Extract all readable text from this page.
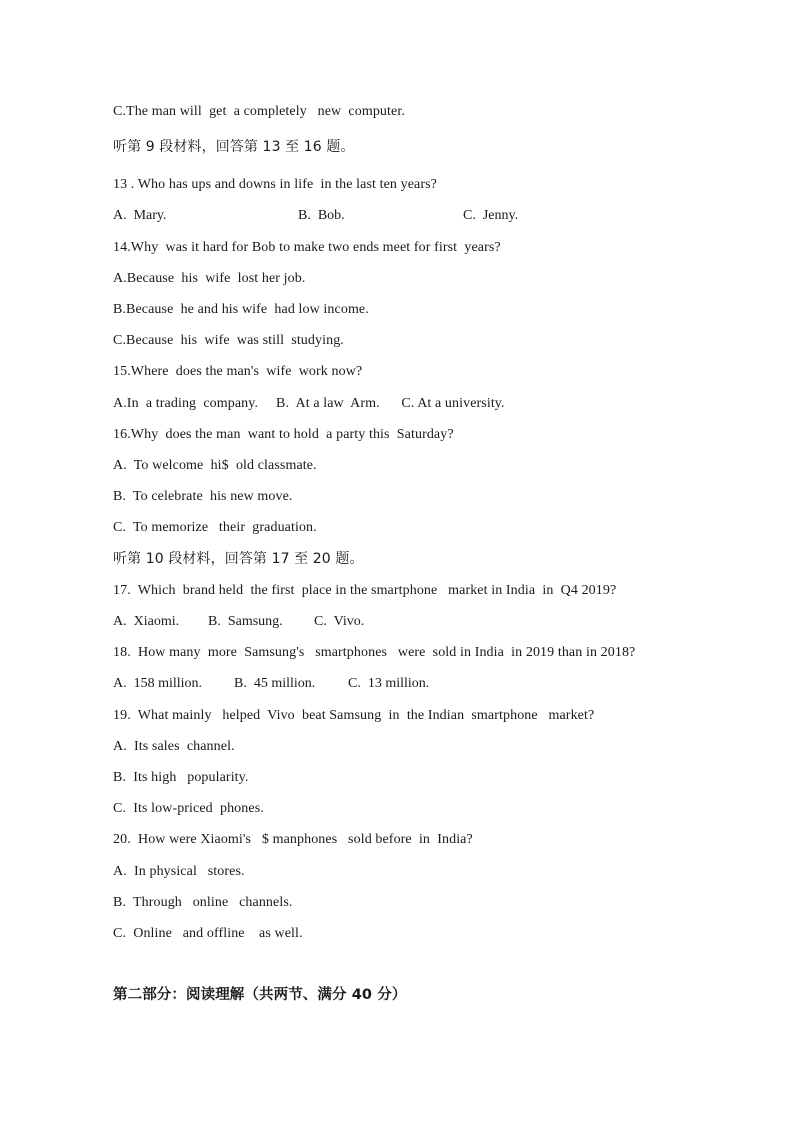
C.The man will  get  a completely   new  computer.
听第 9 段材料，回答第 13 至 16 题。
13 . Who has ups and downs in life  in the last ten years?

A.  Mary.

	B.  Bob.

	C.  Jenny.

14.Why  was it hard for Bob to make two ends meet for first  years?
A.Because  his  wife  lost her job.
B.Because  he and his wife  had low income.
C.Because  his  wife  was still  studying.
15.Where  does the man's  wife  work now?
A.In  a trading  company.     B.  At a law  Arm.      C. At a university.
16.Why  does the man  want to hold  a party this  Saturday?
A.  To welcome  hi$  old classmate.
B.  To celebrate  his new move.
C.  To memorize   their  graduation.
听第 10 段材料，回答第 17 至 20 题。
17.  Which  brand held  the first  place in the smartphone   market in India  in  Q4 2019?

A.  Xiaomi.

B.  Samsung.

C.  Vivo.

18.  How many  more  Samsung's   smartphones   were  sold in India  in 2019 than in 2018?

A.  158 million.

B.  45 million.

C.  13 million.

19.  What mainly   helped  Vivo  beat Samsung  in  the Indian  smartphone   market?
A.  Its sales  channel.
B.  Its high   popularity.
C.  Its low-priced  phones.
20.  How were Xiaomi's   $ manphones   sold before  in  India?
A.  In physical   stores.
B.  Through   online   channels.
C.  Online   and offline    as well.
第二部分：阅读理解（共两节、满分 40 分）
